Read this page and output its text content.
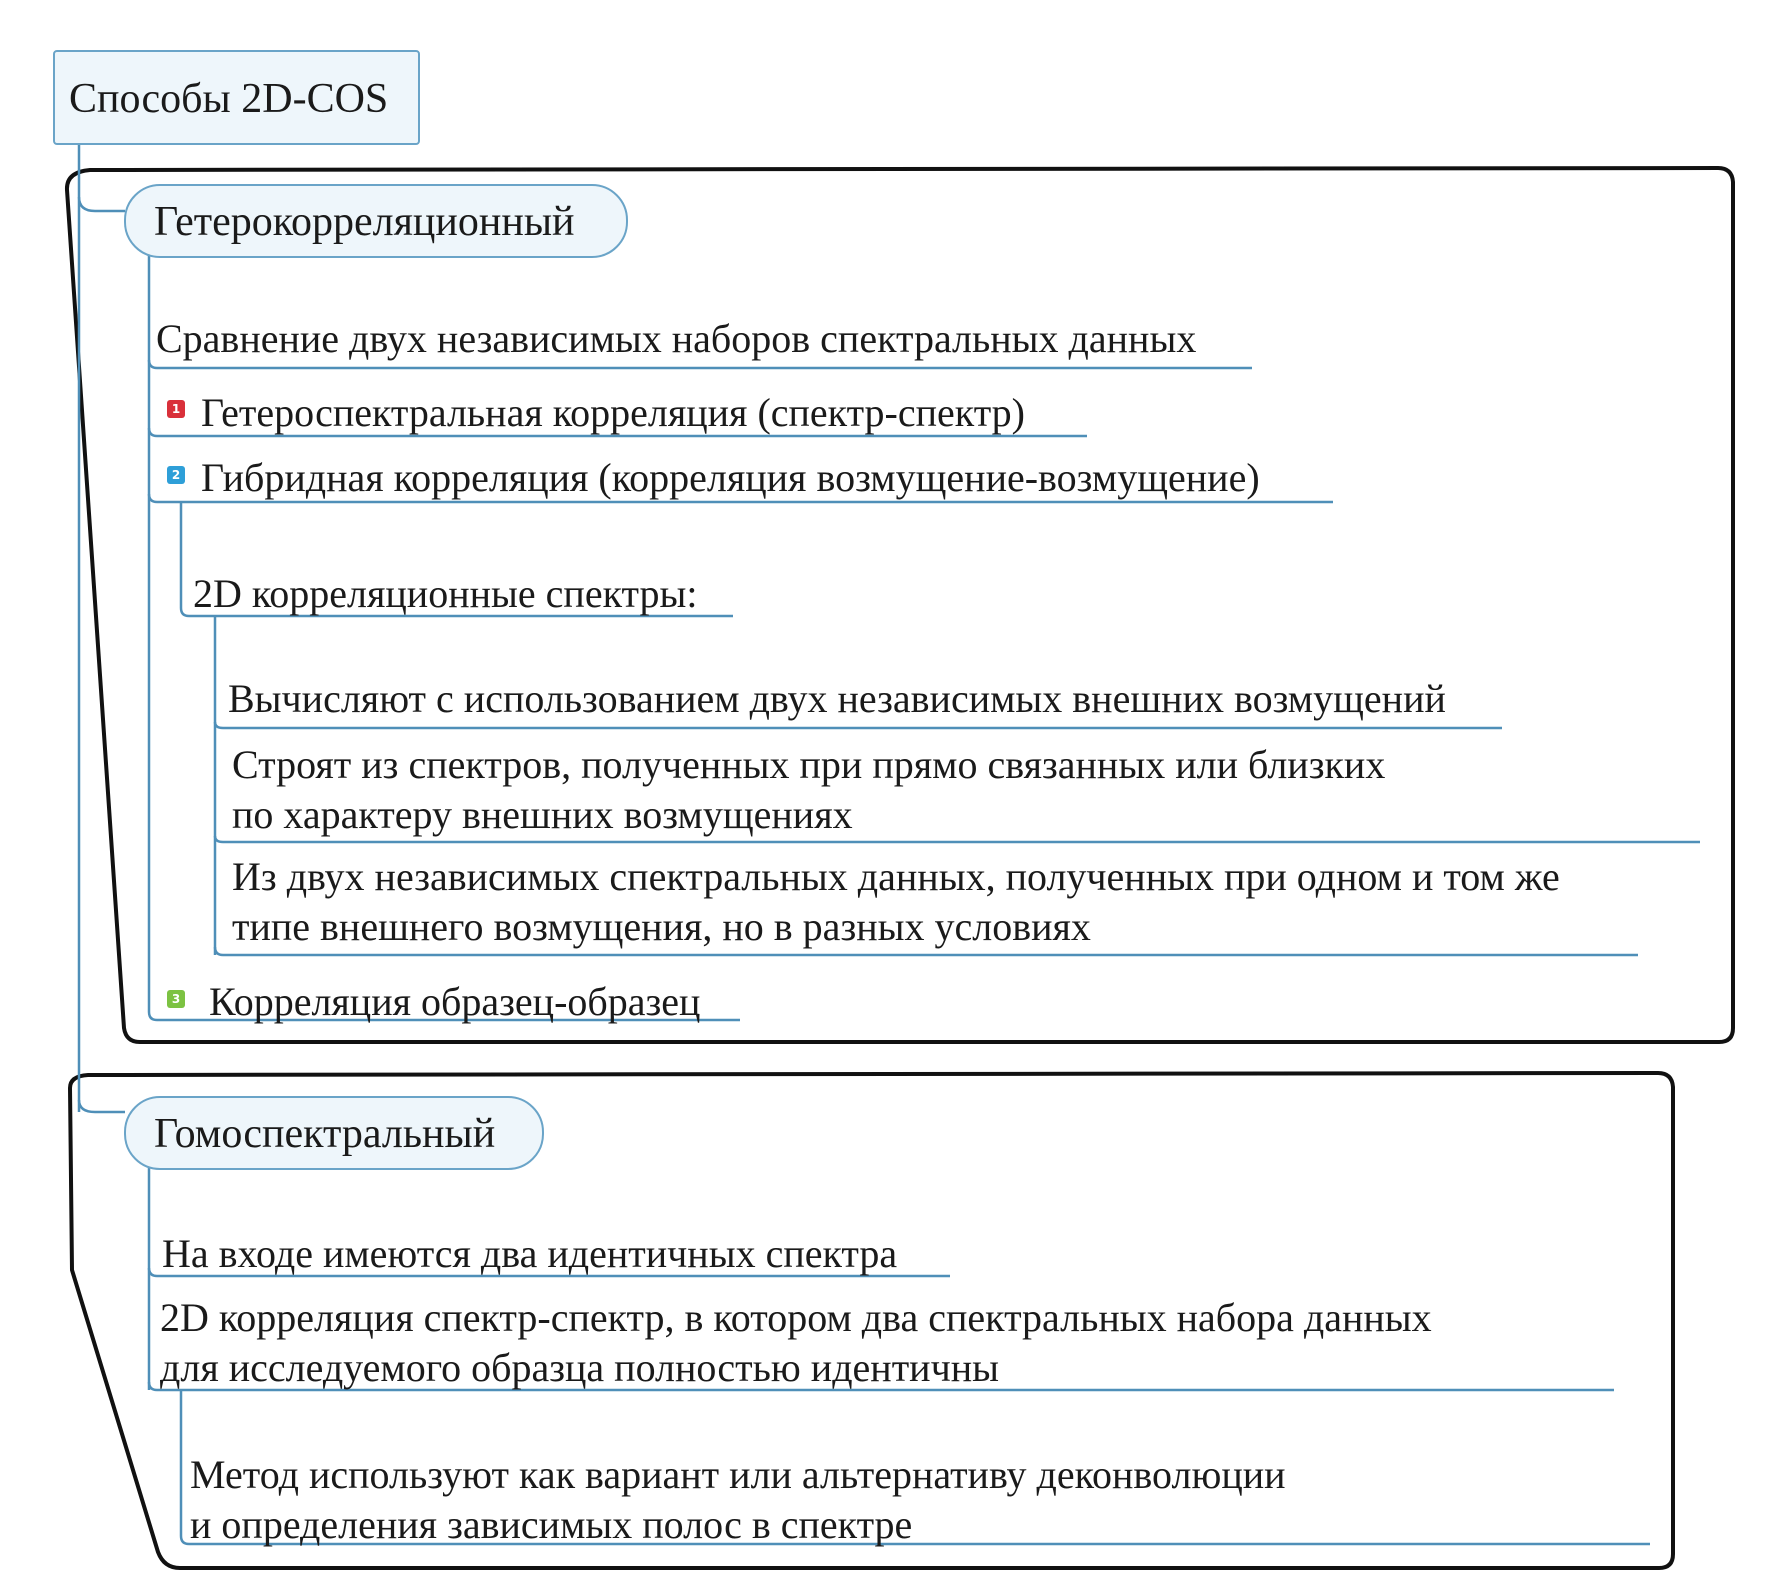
Способы 2D-COS
Гетерокорреляционный
Сравнение двух независимых наборов спектральных данных
1 Гетероспектральная корреляция (спектр-спектр)
2 Гибридная корреляция (корреляция возмущение-возмущение)
2D корреляционные спектры:
Вычисляют с использованием двух независимых внешних возмущений
Строят из спектров, полученных при прямо связанных или близких
по характеру внешних возмущениях
Из двух независимых спектральных данных, полученных при одном и том же
типе внешнего возмущения, но в разных условиях
3 Корреляция образец-образец
Гомоспектральный
На входе имеются два идентичных спектра
2D корреляция спектр-спектр, в котором два спектральных набора данных
для исследуемого образца полностью идентичны
Метод используют как вариант или альтернативу деконволюции
и определения зависимых полос в спектре
